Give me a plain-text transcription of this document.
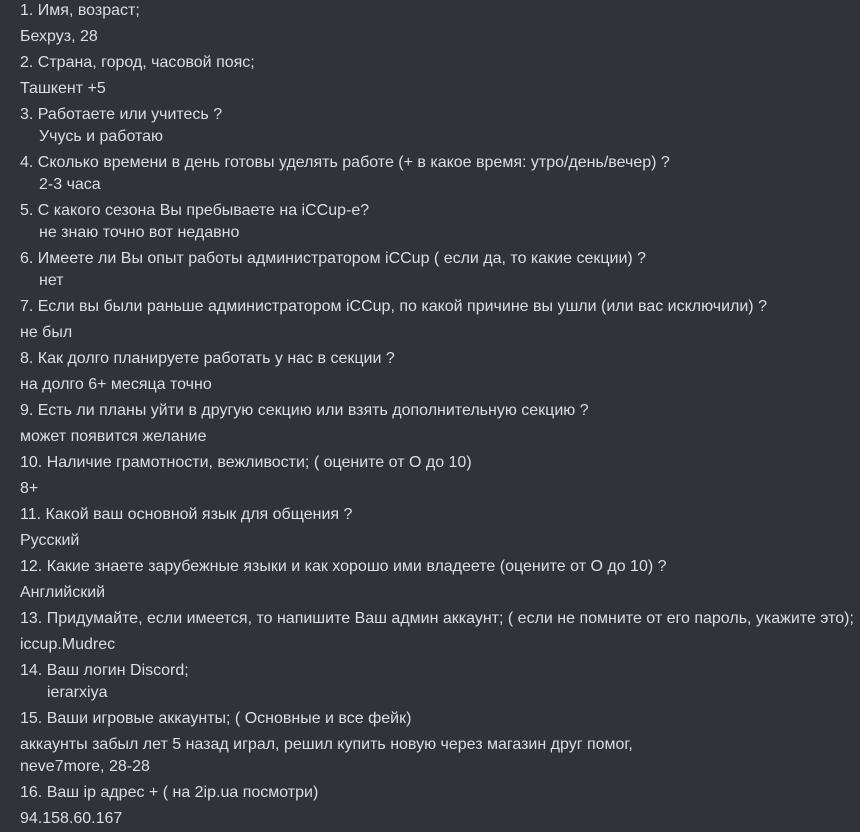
1. Имя, возраст;

Бехруз, 28

2. Страна, город, часовой пояс;

Ташкент +5

3. Работаете или учитесь ?

Учусь и работаю

4. Сколько времени в день готовы уделять работе (+ в какое время: утро/день/вечер) ?

2-3 часа

5. С какого сезона Вы пребываете на iCCup-е?

не знаю точно вот недавно

6. Имеете ли Вы опыт работы администратором iCCup ( если да, то какие секции) ?

нет

7. Если вы были раньше администратором iCCup, по какой причине вы ушли (или вас исключили) ?

не был

8. Как долго планируете работать у нас в секции ?

на долго 6+ месяца точно

9. Есть ли планы уйти в другую секцию или взять дополнительную секцию ?

может появится желание

10. Наличие грамотности, вежливости; ( оцените от О до 10)

8+

11. Какой ваш основной язык для общения ?

Русский

12. Какие знаете зарубежные языки и как хорошо ими владеете (оцените от О до 10) ?

Английский

13. Придумайте, если имеется, то напишите Ваш админ аккаунт; ( если не помните от его пароль, укажите это);

iccup.Mudrec

14. Ваш логин Discord;

ierarxiya

15. Ваши игровые аккаунты; ( Основные и все фейк)

аккаунты забыл лет 5 назад играл, решил купить новую через магазин друг помог,

neve7more, 28-28

16. Ваш ip адрес + ( на 2ip.ua посмотри)

94.158.60.167
